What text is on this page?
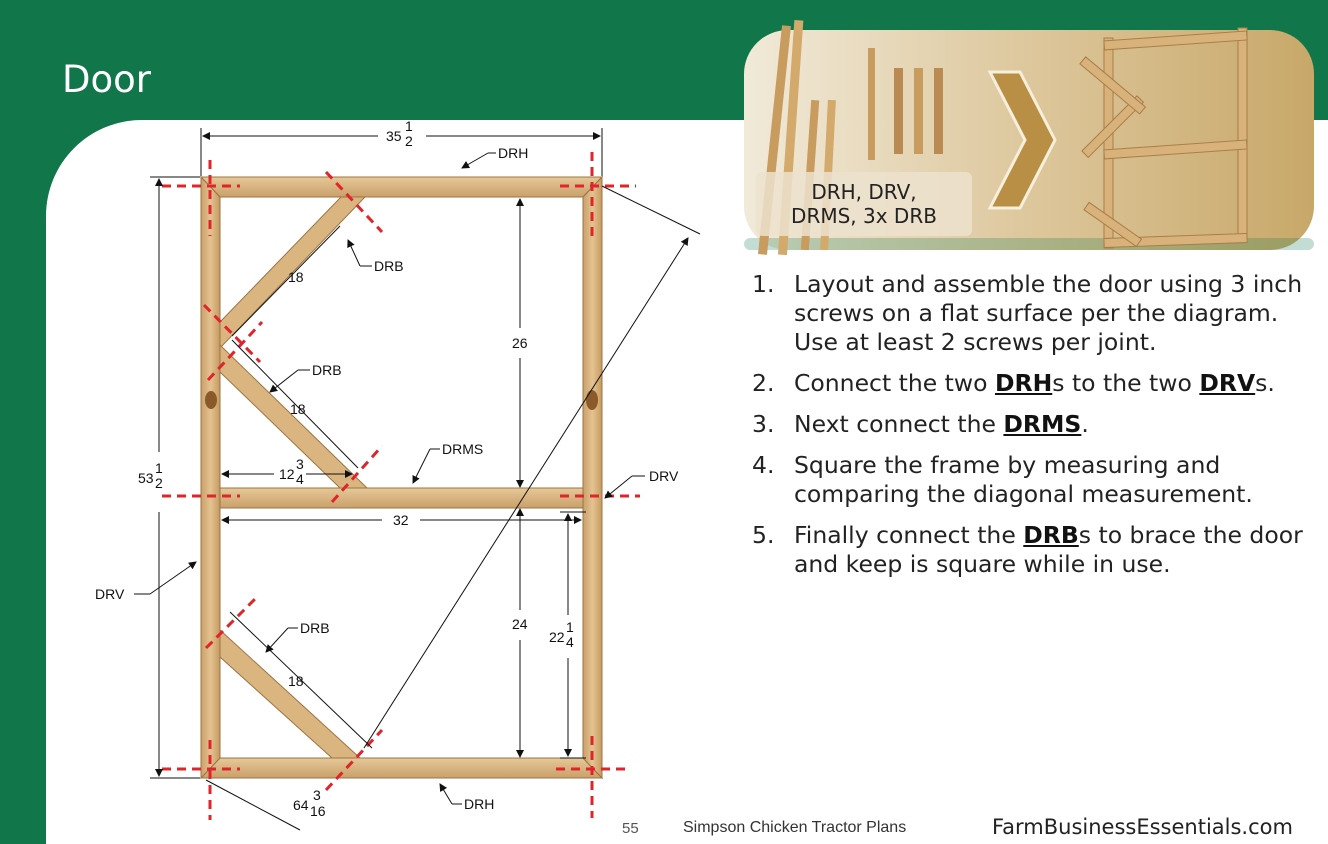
Door
35
1
2
53
1
2
26
24
22
1
4
32
12
3
4
18
18
18
64
3
16
DRH
DRB
DRB
DRMS
DRV
DRV
DRB
DRH
DRH, DRV,
DRMS, 3x DRB
1. Layout and assemble the door using 3 inch screws on a flat surface per the diagram. Use at least 2 screws per joint.
2. Connect the two DRHs to the two DRVs.
3. Next connect the DRMS.
4. Square the frame by measuring and comparing the diagonal measurement.
5. Finally connect the DRBs to brace the door and keep is square while in use.
55	Simpson Chicken Tractor Plans	FarmBusinessEssentials.com
